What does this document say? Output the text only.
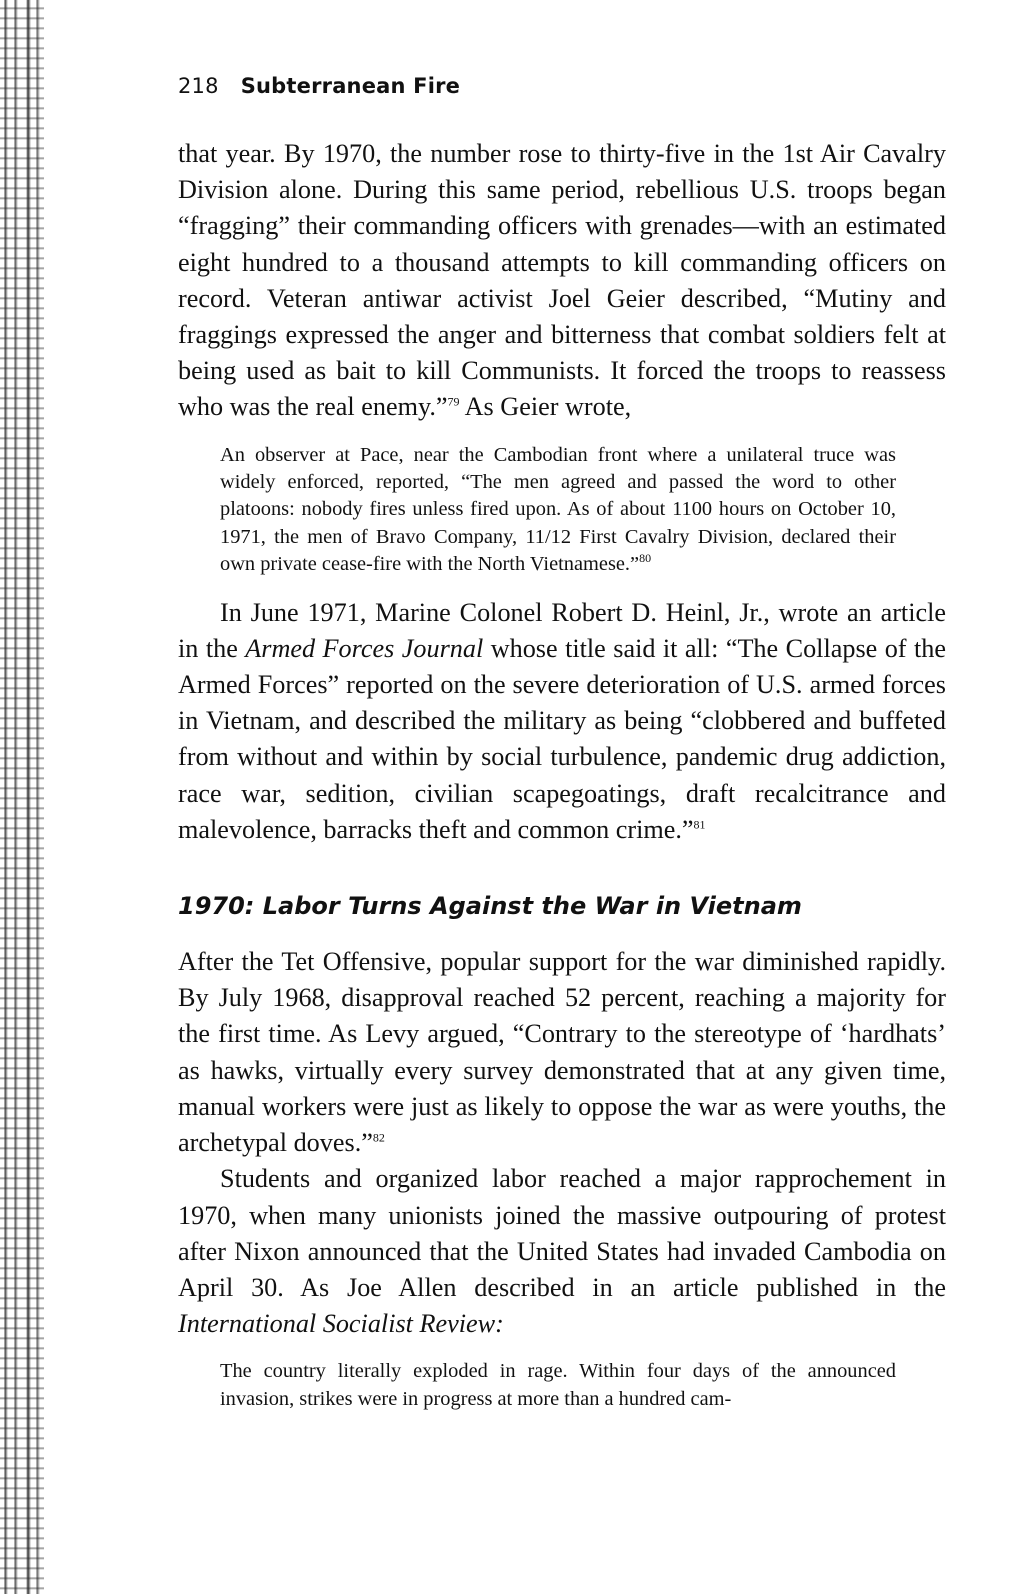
218 Subterranean Fire

that year. By 1970, the number rose to thirty-five in the 1st Air Cavalry Division alone. During this same period, rebellious U.S. troops began “fragging” their commanding officers with grenades—with an estimated eight hundred to a thousand attempts to kill commanding officers on record. Veteran antiwar activist Joel Geier described, “Mutiny and fraggings expressed the anger and bitterness that combat soldiers felt at being used as bait to kill Communists. It forced the troops to reassess who was the real enemy.”$^{79}$ As Geier wrote,

An observer at Pace, near the Cambodian front where a unilateral truce was widely enforced, reported, “The men agreed and passed the word to other platoons: nobody fires unless fired upon. As of about 1100 hours on October 10, 1971, the men of Bravo Company, 11/12 First Cavalry Division, declared their own private cease-fire with the North Vietnamese.”$^{80}$

In June 1971, Marine Colonel Robert D. Heinl, Jr., wrote an article in the Armed Forces Journal whose title said it all: “The Collapse of the Armed Forces” reported on the severe deterioration of U.S. armed forces in Vietnam, and described the military as being “clobbered and buffeted from without and within by social turbulence, pandemic drug addiction, race war, sedition, civilian scapegoatings, draft recalcitrance and malevolence, barracks theft and common crime.”$^{81}$

1970: Labor Turns Against the War in Vietnam

After the Tet Offensive, popular support for the war diminished rapidly. By July 1968, disapproval reached 52 percent, reaching a majority for the first time. As Levy argued, “Contrary to the stereotype of ‘hardhats’ as hawks, virtually every survey demonstrated that at any given time, manual workers were just as likely to oppose the war as were youths, the archetypal doves.”$^{82}$

Students and organized labor reached a major rapprochement in 1970, when many unionists joined the massive outpouring of protest after Nixon announced that the United States had invaded Cambodia on April 30. As Joe Allen described in an article published in the International Socialist Review:

The country literally exploded in rage. Within four days of the announced invasion, strikes were in progress at more than a hundred cam-
